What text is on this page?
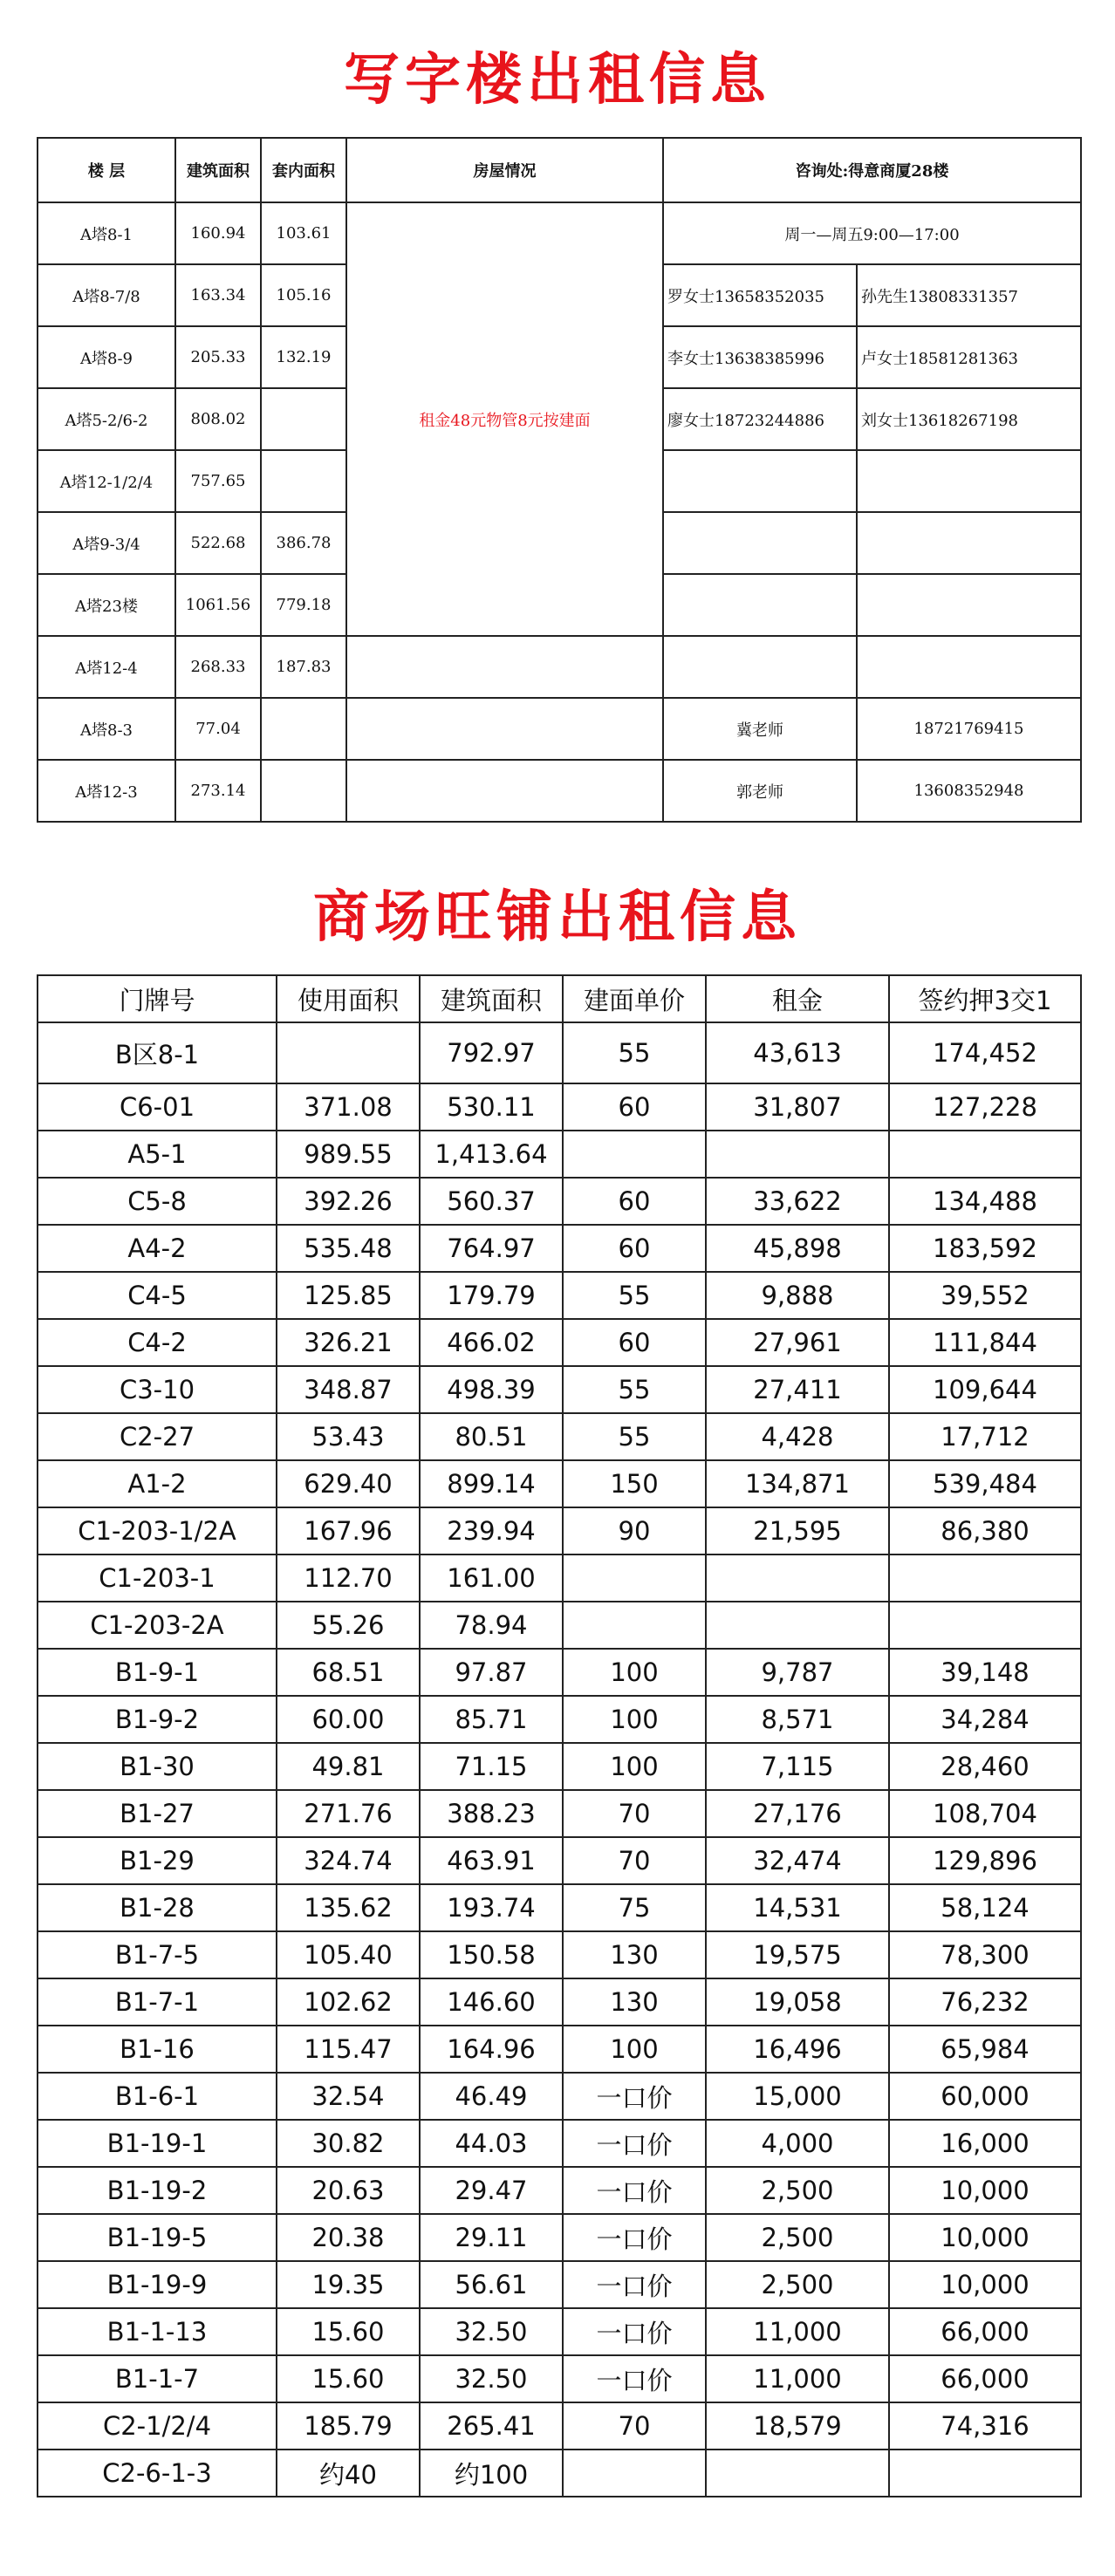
写字楼出租信息
楼 层	建筑面积	套内面积	房屋情况	咨询处:得意商厦28楼	
A塔8-1	160.94	103.61	租金48元物管8元按建面	周一—周五9:00—17:00	
A塔8-7/8	163.34	105.16		罗女士13658352035	孙先生13808331357
A塔8-9	205.33	132.19		李女士13638385996	卢女士18581281363
A塔5-2/6-2	808.02			廖女士18723244886	刘女士13618267198
A塔12-1/2/4	757.65				
A塔9-3/4	522.68	386.78			
A塔23楼	1061.56	779.18			
A塔12-4	268.33	187.83			
A塔8-3	77.04			冀老师	18721769415
A塔12-3	273.14			郭老师	13608352948
商场旺铺出租信息
门牌号	使用面积	建筑面积	建面单价	租金	签约押3交1
B区8-1		792.97	55	43,613	174,452
C6-01	371.08	530.11	60	31,807	127,228
A5-1	989.55	1,413.64			
C5-8	392.26	560.37	60	33,622	134,488
A4-2	535.48	764.97	60	45,898	183,592
C4-5	125.85	179.79	55	9,888	39,552
C4-2	326.21	466.02	60	27,961	111,844
C3-10	348.87	498.39	55	27,411	109,644
C2-27	53.43	80.51	55	4,428	17,712
A1-2	629.40	899.14	150	134,871	539,484
C1-203-1/2A	167.96	239.94	90	21,595	86,380
C1-203-1	112.70	161.00			
C1-203-2A	55.26	78.94			
B1-9-1	68.51	97.87	100	9,787	39,148
B1-9-2	60.00	85.71	100	8,571	34,284
B1-30	49.81	71.15	100	7,115	28,460
B1-27	271.76	388.23	70	27,176	108,704
B1-29	324.74	463.91	70	32,474	129,896
B1-28	135.62	193.74	75	14,531	58,124
B1-7-5	105.40	150.58	130	19,575	78,300
B1-7-1	102.62	146.60	130	19,058	76,232
B1-16	115.47	164.96	100	16,496	65,984
B1-6-1	32.54	46.49	一口价	15,000	60,000
B1-19-1	30.82	44.03	一口价	4,000	16,000
B1-19-2	20.63	29.47	一口价	2,500	10,000
B1-19-5	20.38	29.11	一口价	2,500	10,000
B1-19-9	19.35	56.61	一口价	2,500	10,000
B1-1-13	15.60	32.50	一口价	11,000	66,000
B1-1-7	15.60	32.50	一口价	11,000	66,000
C2-1/2/4	185.79	265.41	70	18,579	74,316
C2-6-1-3	约40	约100			
